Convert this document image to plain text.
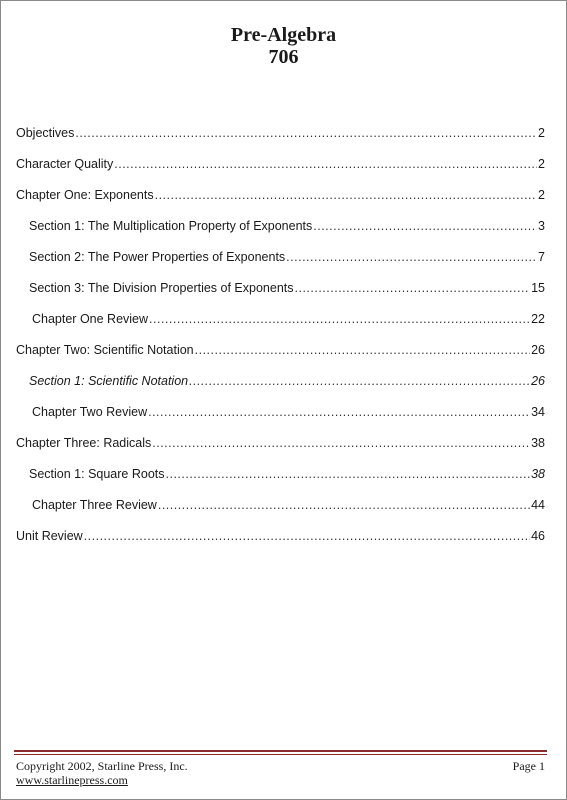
Pre-Algebra
706
Objectives .....	2
Character Quality .....	2
Chapter One: Exponents .....	2
Section 1: The Multiplication Property of Exponents .....	3
Section 2: The Power Properties of Exponents .....	7
Section 3: The Division Properties of Exponents .....	15
Chapter One Review .....	22
Chapter Two: Scientific Notation .....	26
Section 1: Scientific Notation .....	26
Chapter Two Review .....	34
Chapter Three: Radicals .....	38
Section 1: Square Roots .....	38
Chapter Three Review .....	44
Unit Review .....	46
Copyright 2002, Starline Press, Inc.
www.starlinepress.com
Page 1
